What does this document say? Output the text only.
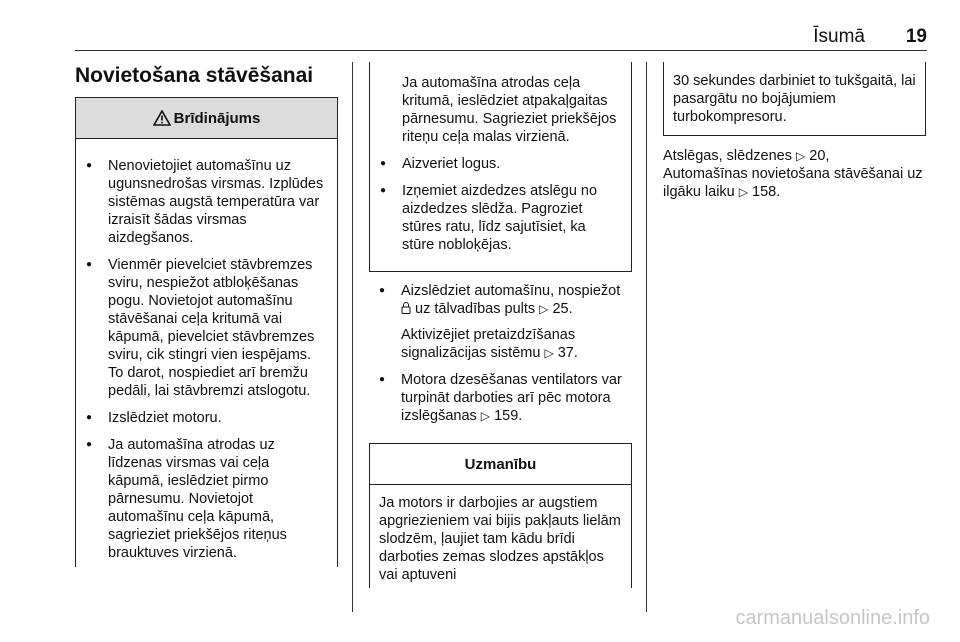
Īsumā 19
Novietošana stāvēšanai
Brīdinājums
● Nenovietojiet automašīnu uz ugunsnedrošas virsmas. Izplūdes sistēmas augstā temperatūra var izraisīt šādas virsmas aizdegšanos.
● Vienmēr pievelciet stāvbremzes sviru, nespiežot atbloķēšanas pogu. Novietojot automašīnu stāvēšanai ceļa kritumā vai kāpumā, pievelciet stāvbremzes sviru, cik stingri vien iespējams. To darot, nospiediet arī bremžu pedāli, lai stāvbremzi atslogotu.
● Izslēdziet motoru.
● Ja automašīna atrodas uz līdzenas virsmas vai ceļa kāpumā, ieslēdziet pirmo pārnesumu. Novietojot automašīnu ceļa kāpumā, sagrieziet priekšējos riteņus brauktuves virzienā.

Ja automašīna atrodas ceļa kritumā, ieslēdziet atpakaļgaitas pārnesumu. Sagrieziet priekšējos riteņu ceļa malas virzienā.

● Aizveriet logus.
● Izņemiet aizdedzes atslēgu no aizdedzes slēdža. Pagroziet stūres ratu, līdz sajutīsiet, ka stūre nobloķējas.
● Aizslēdziet automašīnu, nospiežot  uz tālvadības pults ▷ 25.

Aktivizējiet pretaizdzīšanas signalizācijas sistēmu ▷ 37.

● Motora dzesēšanas ventilators var turpināt darboties arī pēc motora izslēgšanas ▷ 159.
Uzmanību

Ja motors ir darbojies ar augstiem apgriezieniem vai bijis pakļauts lielām slodzēm, ļaujiet tam kādu brīdi darboties zemas slodzes apstākļos vai aptuveni

30 sekundes darbiniet to tukšgaitā, lai pasargātu no bojājumiem turbokompresoru.

Atslēgas, slēdzenes ▷ 20,

Automašīnas novietošana stāvēšanai uz ilgāku laiku ▷ 158.

carmanualsonline.info
